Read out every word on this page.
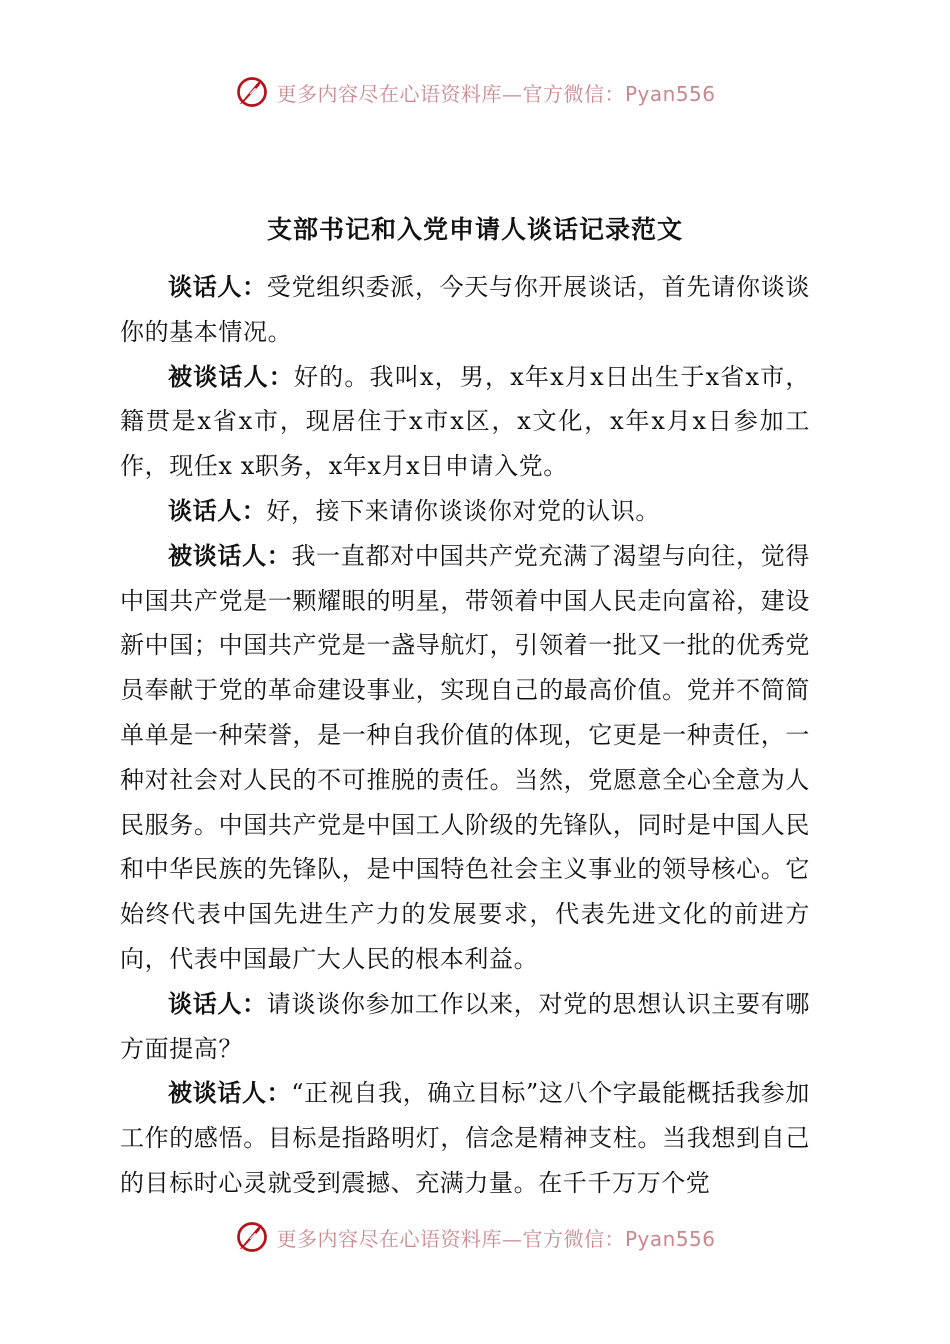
更多内容尽在心语资料库—官方微信：Pyan556
支部书记和入党申请人谈话记录范文

谈话人：受党组织委派，今天与你开展谈话，首先请你谈谈你的基本情况。

被谈话人：好的。我叫x，男，x年x月x日出生于x省x市，籍贯是x省x市，现居住于x市x区，x文化，x年x月x日参加工作，现任x x职务，x年x月x日申请入党。

谈话人：好，接下来请你谈谈你对党的认识。

被谈话人：我一直都对中国共产党充满了渴望与向往，觉得中国共产党是一颗耀眼的明星，带领着中国人民走向富裕，建设新中国；中国共产党是一盏导航灯，引领着一批又一批的优秀党员奉献于党的革命建设事业，实现自己的最高价值。党并不简简单单是一种荣誉，是一种自我价值的体现，它更是一种责任，一种对社会对人民的不可推脱的责任。当然，党愿意全心全意为人民服务。中国共产党是中国工人阶级的先锋队，同时是中国人民和中华民族的先锋队，是中国特色社会主义事业的领导核心。它始终代表中国先进生产力的发展要求，代表先进文化的前进方向，代表中国最广大人民的根本利益。

谈话人：请谈谈你参加工作以来，对党的思想认识主要有哪方面提高？

被谈话人：“正视自我，确立目标”这八个字最能概括我参加工作的感悟。目标是指路明灯，信念是精神支柱。当我想到自己的目标时心灵就受到震撼、充满力量。在千千万万个党

更多内容尽在心语资料库—官方微信：Pyan556
